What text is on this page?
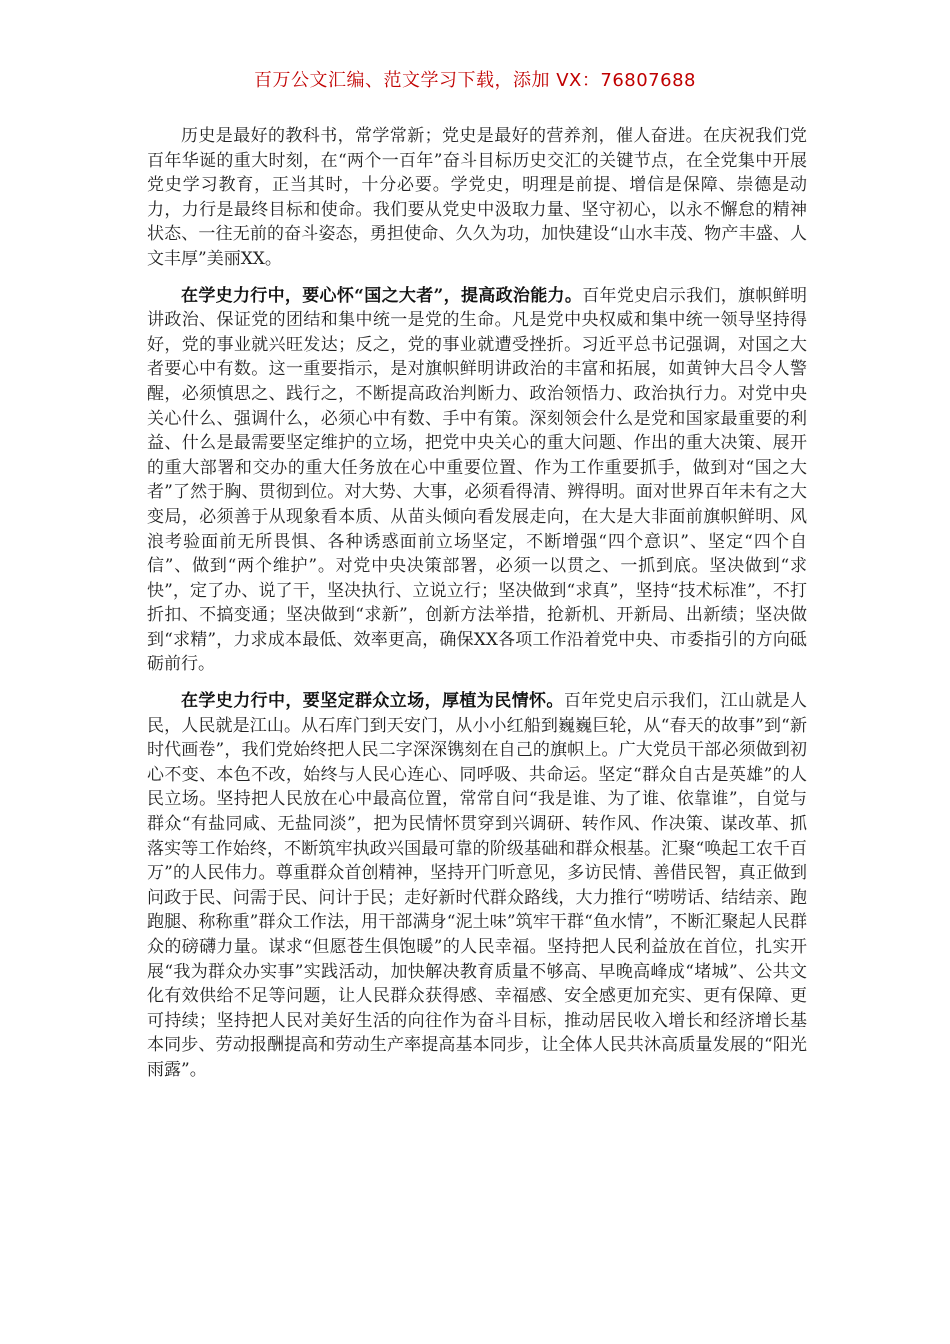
百万公文汇编、范文学习下载，添加 VX：76807688

历史是最好的教科书，常学常新；党史是最好的营养剂，催人奋进。在庆祝我们党百年华诞的重大时刻，在“两个一百年”奋斗目标历史交汇的关键节点，在全党集中开展党史学习教育，正当其时，十分必要。学党史，明理是前提、增信是保障、崇德是动力，力行是最终目标和使命。我们要从党史中汲取力量、坚守初心，以永不懈怠的精神状态、一往无前的奋斗姿态，勇担使命、久久为功，加快建设“山水丰茂、物产丰盛、人文丰厚”美丽XX。

在学史力行中，要心怀“国之大者”，提高政治能力。百年党史启示我们，旗帜鲜明讲政治、保证党的团结和集中统一是党的生命。凡是党中央权威和集中统一领导坚持得好，党的事业就兴旺发达；反之，党的事业就遭受挫折。习近平总书记强调，对国之大者要心中有数。这一重要指示，是对旗帜鲜明讲政治的丰富和拓展，如黄钟大吕令人警醒，必须慎思之、践行之，不断提高政治判断力、政治领悟力、政治执行力。对党中央关心什么、强调什么，必须心中有数、手中有策。深刻领会什么是党和国家最重要的利益、什么是最需要坚定维护的立场，把党中央关心的重大问题、作出的重大决策、展开的重大部署和交办的重大任务放在心中重要位置、作为工作重要抓手，做到对“国之大者”了然于胸、贯彻到位。对大势、大事，必须看得清、辨得明。面对世界百年未有之大变局，必须善于从现象看本质、从苗头倾向看发展走向，在大是大非面前旗帜鲜明、风浪考验面前无所畏惧、各种诱惑面前立场坚定，不断增强“四个意识”、坚定“四个自信”、做到“两个维护”。对党中央决策部署，必须一以贯之、一抓到底。坚决做到“求快”，定了办、说了干，坚决执行、立说立行；坚决做到“求真”，坚持“技术标准”，不打折扣、不搞变通；坚决做到“求新”，创新方法举措，抢新机、开新局、出新绩；坚决做到“求精”，力求成本最低、效率更高，确保XX各项工作沿着党中央、市委指引的方向砥砺前行。

在学史力行中，要坚定群众立场，厚植为民情怀。百年党史启示我们，江山就是人民，人民就是江山。从石库门到天安门，从小小红船到巍巍巨轮，从“春天的故事”到“新时代画卷”，我们党始终把人民二字深深镌刻在自己的旗帜上。广大党员干部必须做到初心不变、本色不改，始终与人民心连心、同呼吸、共命运。坚定“群众自古是英雄”的人民立场。坚持把人民放在心中最高位置，常常自问“我是谁、为了谁、依靠谁”，自觉与群众“有盐同咸、无盐同淡”，把为民情怀贯穿到兴调研、转作风、作决策、谋改革、抓落实等工作始终，不断筑牢执政兴国最可靠的阶级基础和群众根基。汇聚“唤起工农千百万”的人民伟力。尊重群众首创精神，坚持开门听意见，多访民情、善借民智，真正做到问政于民、问需于民、问计于民；走好新时代群众路线，大力推行“唠唠话、结结亲、跑跑腿、称称重”群众工作法，用干部满身“泥土味”筑牢干群“鱼水情”，不断汇聚起人民群众的磅礴力量。谋求“但愿苍生俱饱暖”的人民幸福。坚持把人民利益放在首位，扎实开展“我为群众办实事”实践活动，加快解决教育质量不够高、早晚高峰成“堵城”、公共文化有效供给不足等问题，让人民群众获得感、幸福感、安全感更加充实、更有保障、更可持续；坚持把人民对美好生活的向往作为奋斗目标，推动居民收入增长和经济增长基本同步、劳动报酬提高和劳动生产率提高基本同步，让全体人民共沐高质量发展的“阳光雨露”。
